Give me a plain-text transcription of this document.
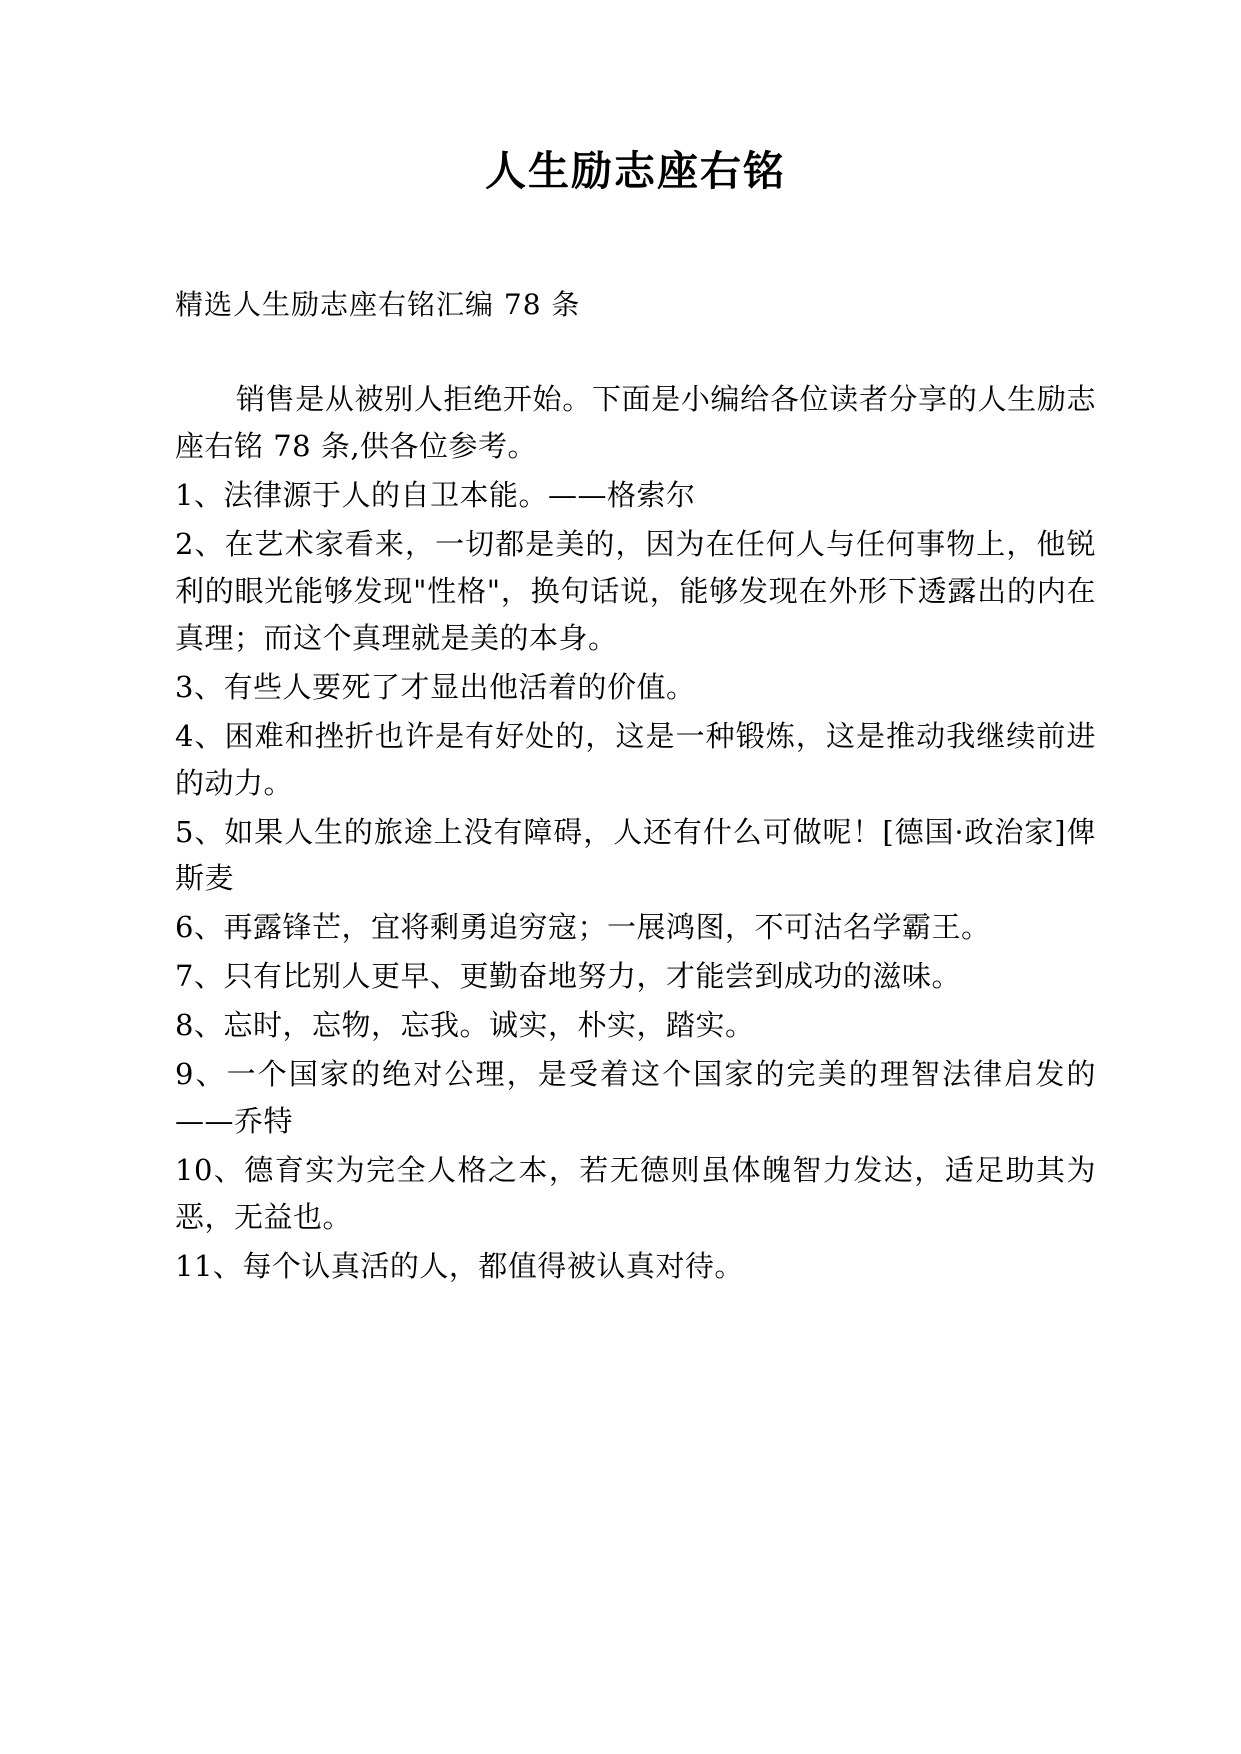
人生励志座右铭
精选人生励志座右铭汇编 78 条

销售是从被别人拒绝开始。下面是小编给各位读者分享的人生励志座右铭 78 条,供各位参考。

1、法律源于人的自卫本能。——格索尔

2、在艺术家看来，一切都是美的，因为在任何人与任何事物上，他锐利的眼光能够发现"性格"，换句话说，能够发现在外形下透露出的内在真理；而这个真理就是美的本身。

3、有些人要死了才显出他活着的价值。

4、困难和挫折也许是有好处的，这是一种锻炼，这是推动我继续前进的动力。

5、如果人生的旅途上没有障碍，人还有什么可做呢！[德国·政治家]俾斯麦

6、再露锋芒，宜将剩勇追穷寇；一展鸿图，不可沽名学霸王。

7、只有比别人更早、更勤奋地努力，才能尝到成功的滋味。

8、忘时，忘物，忘我。诚实，朴实，踏实。

9、一个国家的绝对公理，是受着这个国家的完美的理智法律启发的——乔特

10、德育实为完全人格之本，若无德则虽体魄智力发达，适足助其为恶，无益也。

11、每个认真活的人，都值得被认真对待。
